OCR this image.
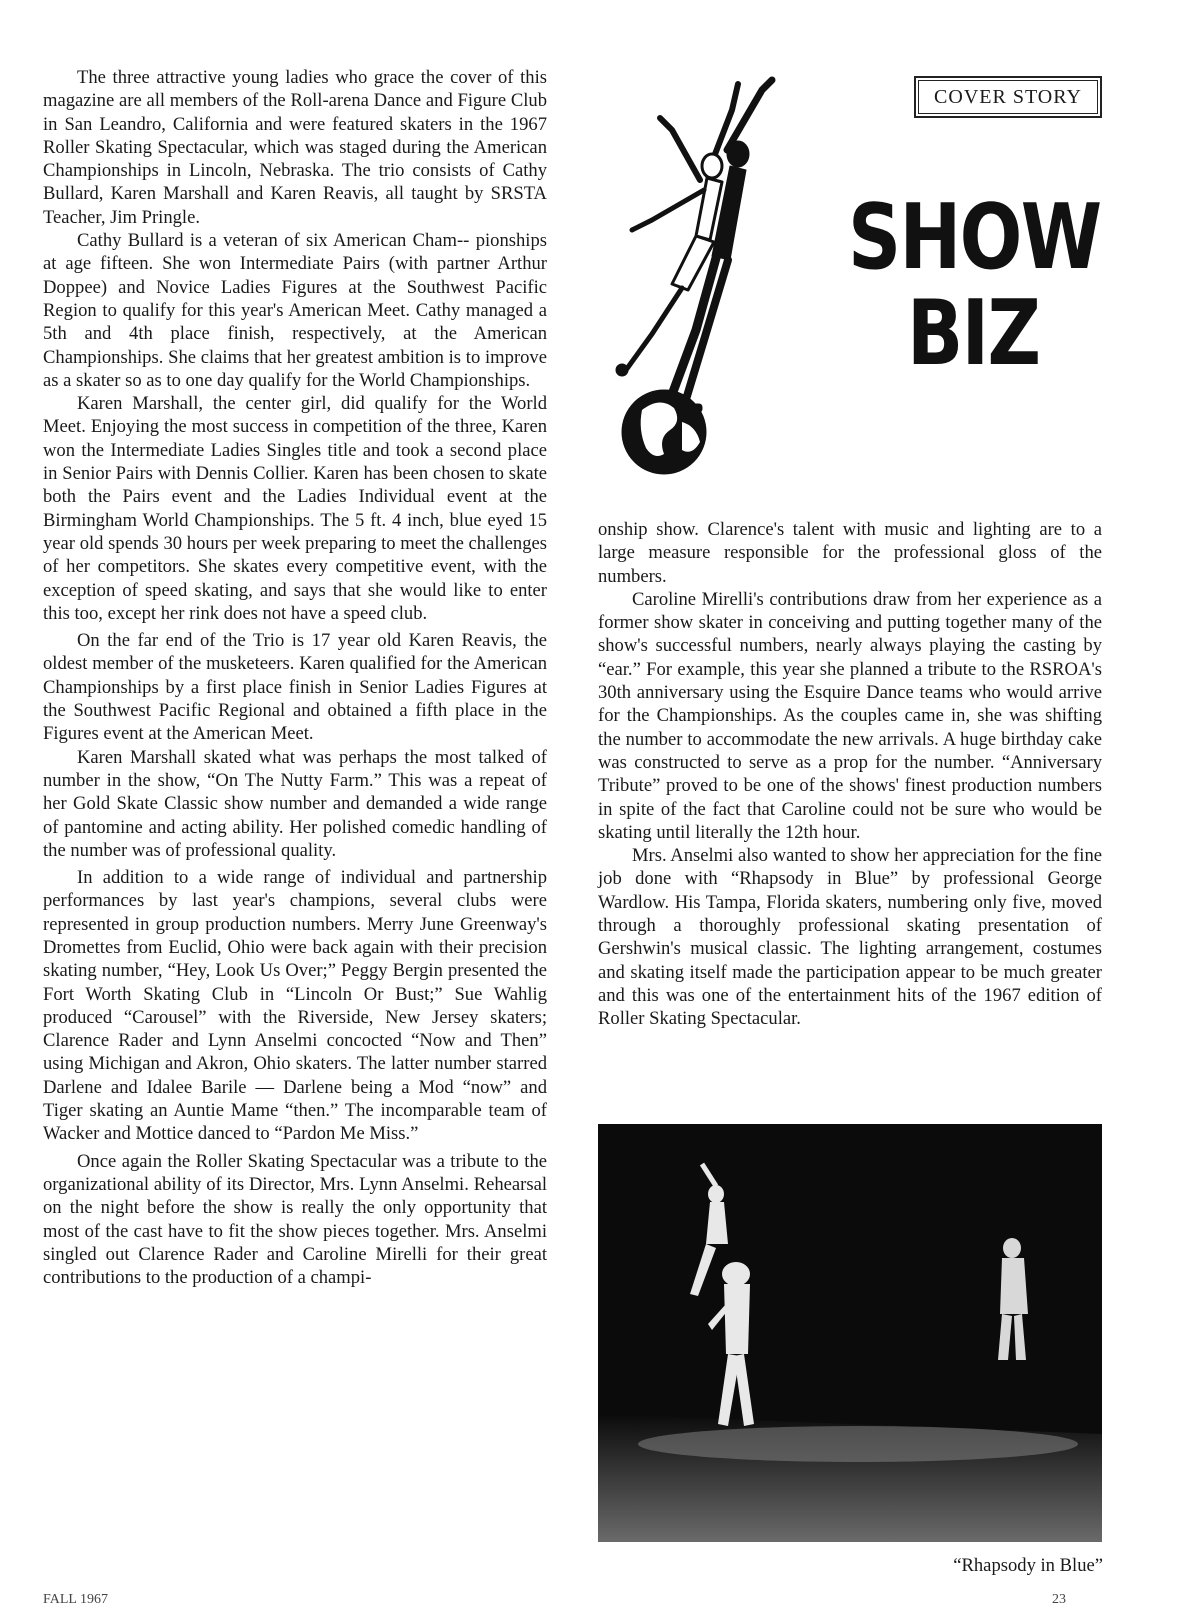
The three attractive young ladies who grace the cover of this magazine are all members of the Roll-arena Dance and Figure Club in San Leandro, California and were featured skaters in the 1967 Roller Skating Spectacular, which was staged during the American Championships in Lincoln, Nebraska. The trio consists of Cathy Bullard, Karen Marshall and Karen Reavis, all taught by SRSTA Teacher, Jim Pringle.

Cathy Bullard is a veteran of six American Cham-- pionships at age fifteen. She won Intermediate Pairs (with partner Arthur Doppee) and Novice Ladies Figures at the Southwest Pacific Region to qualify for this year's American Meet. Cathy managed a 5th and 4th place finish, respectively, at the American Championships. She claims that her greatest ambition is to improve as a skater so as to one day qualify for the World Championships.

Karen Marshall, the center girl, did qualify for the World Meet. Enjoying the most success in competition of the three, Karen won the Intermediate Ladies Singles title and took a second place in Senior Pairs with Dennis Collier. Karen has been chosen to skate both the Pairs event and the Ladies Individual event at the Birmingham World Championships. The 5 ft. 4 inch, blue eyed 15 year old spends 30 hours per week preparing to meet the challenges of her competitors. She skates every competitive event, with the exception of speed skating, and says that she would like to enter this too, except her rink does not have a speed club.

On the far end of the Trio is 17 year old Karen Reavis, the oldest member of the musketeers. Karen qualified for the American Championships by a first place finish in Senior Ladies Figures at the Southwest Pacific Regional and obtained a fifth place in the Figures event at the American Meet.

Karen Marshall skated what was perhaps the most talked of number in the show, “On The Nutty Farm.” This was a repeat of her Gold Skate Classic show number and demanded a wide range of pantomine and acting ability. Her polished comedic handling of the number was of professional quality.

In addition to a wide range of individual and partnership performances by last year's champions, several clubs were represented in group production numbers. Merry June Greenway's Dromettes from Euclid, Ohio were back again with their precision skating number, “Hey, Look Us Over;” Peggy Bergin presented the Fort Worth Skating Club in “Lincoln Or Bust;” Sue Wahlig produced “Carousel” with the Riverside, New Jersey skaters; Clarence Rader and Lynn Anselmi concocted “Now and Then” using Michigan and Akron, Ohio skaters. The latter number starred Darlene and Idalee Barile — Darlene being a Mod “now” and Tiger skating an Auntie Mame “then.” The incomparable team of Wacker and Mottice danced to “Pardon Me Miss.”

Once again the Roller Skating Spectacular was a tribute to the organizational ability of its Director, Mrs. Lynn Anselmi. Rehearsal on the night before the show is really the only opportunity that most of the cast have to fit the show pieces together. Mrs. Anselmi singled out Clarence Rader and Caroline Mirelli for their great contributions to the production of a champi-

COVER STORY
SHOW
BIZ

onship show. Clarence's talent with music and lighting are to a large measure responsible for the professional gloss of the numbers.

Caroline Mirelli's contributions draw from her experience as a former show skater in conceiving and putting together many of the show's successful numbers, nearly always playing the casting by “ear.” For example, this year she planned a tribute to the RSROA's 30th anniversary using the Esquire Dance teams who would arrive for the Championships. As the couples came in, she was shifting the number to accommodate the new arrivals. A huge birthday cake was constructed to serve as a prop for the number. “Anniversary Tribute” proved to be one of the shows' finest production numbers in spite of the fact that Caroline could not be sure who would be skating until literally the 12th hour.

Mrs. Anselmi also wanted to show her appreciation for the fine job done with “Rhapsody in Blue” by professional George Wardlow. His Tampa, Florida skaters, numbering only five, moved through a thoroughly professional skating presentation of Gershwin's musical classic. The lighting arrangement, costumes and skating itself made the participation appear to be much greater and this was one of the entertainment hits of the 1967 edition of Roller Skating Spectacular.

“Rhapsody in Blue”
FALL 1967	23
